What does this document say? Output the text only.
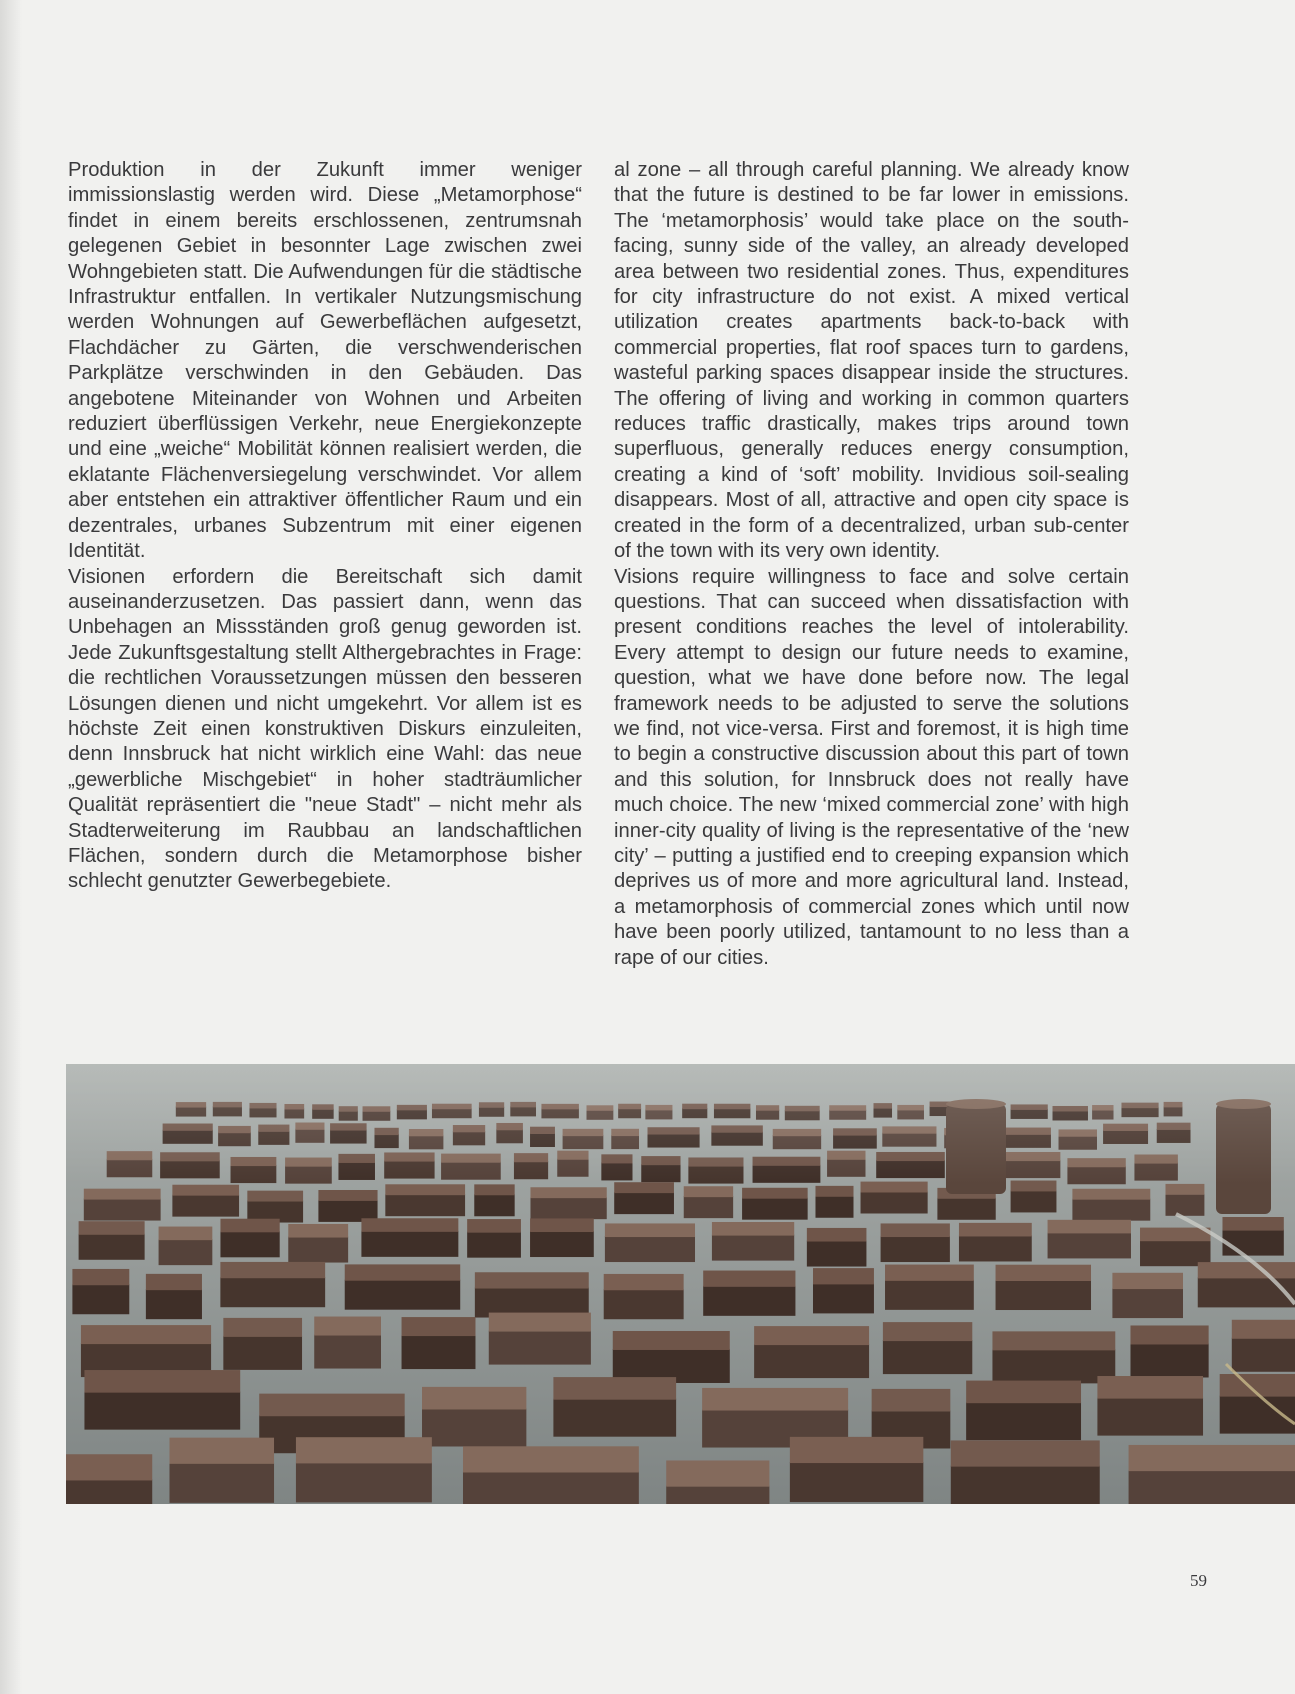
Produktion in der Zukunft immer weniger immissionslastig werden wird. Diese „Metamorphose“ findet in einem bereits erschlossenen, zentrumsnah gelegenen Gebiet in besonnter Lage zwischen zwei Wohngebieten statt. Die Aufwendungen für die städtische Infrastruktur entfallen. In vertikaler Nutzungsmischung werden Wohnungen auf Gewerbeflächen aufgesetzt, Flachdächer zu Gärten, die verschwenderischen Parkplätze verschwinden in den Gebäuden. Das angebotene Miteinander von Wohnen und Arbeiten reduziert überflüssigen Verkehr, neue Energiekonzepte und eine „weiche“ Mobilität können realisiert werden, die eklatante Flächenversiegelung verschwindet. Vor allem aber entstehen ein attraktiver öffentlicher Raum und ein dezentrales, urbanes Subzentrum mit einer eigenen Identität.

Visionen erfordern die Bereitschaft sich damit auseinanderzusetzen. Das passiert dann, wenn das Unbehagen an Missständen groß genug geworden ist. Jede Zukunftsgestaltung stellt Althergebrachtes in Frage: die rechtlichen Voraussetzungen müssen den besseren Lösungen dienen und nicht umgekehrt. Vor allem ist es höchste Zeit einen konstruktiven Diskurs einzuleiten, denn Innsbruck hat nicht wirklich eine Wahl: das neue „gewerbliche Mischgebiet“ in hoher stadträumlicher Qualität repräsentiert die "neue Stadt" – nicht mehr als Stadterweiterung im Raubbau an landschaftlichen Flächen, sondern durch die Metamorphose bisher schlecht genutzter Gewerbegebiete.

al zone – all through careful planning. We already know that the future is destined to be far lower in emissions. The ‘metamorphosis’ would take place on the south-facing, sunny side of the valley, an already developed area between two residential zones. Thus, expenditures for city infrastructure do not exist. A mixed vertical utilization creates apartments back-to-back with commercial properties, flat roof spaces turn to gardens, wasteful parking spaces disappear inside the structures. The offering of living and working in common quarters reduces traffic drastically, makes trips around town superfluous, generally reduces energy consumption, creating a kind of ‘soft’ mobility. Invidious soil-sealing disappears. Most of all, attractive and open city space is created in the form of a decentralized, urban sub-center of the town with its very own identity.

Visions require willingness to face and solve certain questions. That can succeed when dissatisfaction with present conditions reaches the level of intolerability. Every attempt to design our future needs to examine, question, what we have done before now. The legal framework needs to be adjusted to serve the solutions we find, not vice-versa. First and foremost, it is high time to begin a constructive discussion about this part of town and this solution, for Innsbruck does not really have much choice. The new ‘mixed commercial zone’ with high inner-city quality of living is the representative of the ‘new city’ – putting a justified end to creeping expansion which deprives us of more and more agricultural land. Instead, a metamorphosis of commercial zones which until now have been poorly utilized, tantamount to no less than a rape of our cities.

59
